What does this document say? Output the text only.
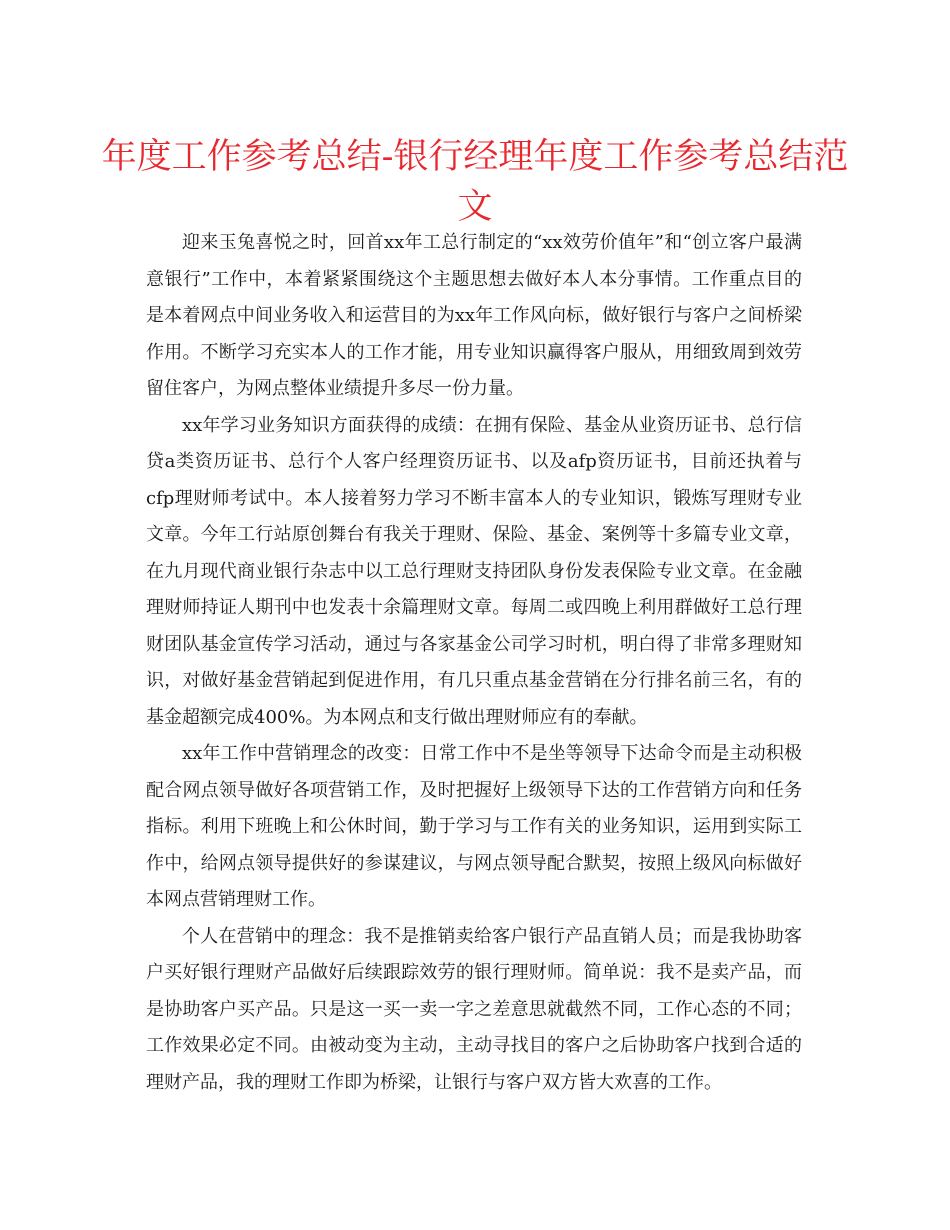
年度工作参考总结-银行经理年度工作参考总结范文

迎来玉兔喜悦之时，回首xx年工总行制定的“xx效劳价值年”和“创立客户最满意银行”工作中，本着紧紧围绕这个主题思想去做好本人本分事情。工作重点目的是本着网点中间业务收入和运营目的为xx年工作风向标，做好银行与客户之间桥梁作用。不断学习充实本人的工作才能，用专业知识赢得客户服从，用细致周到效劳留住客户，为网点整体业绩提升多尽一份力量。

xx年学习业务知识方面获得的成绩：在拥有保险、基金从业资历证书、总行信贷a类资历证书、总行个人客户经理资历证书、以及afp资历证书，目前还执着与cfp理财师考试中。本人接着努力学习不断丰富本人的专业知识，锻炼写理财专业文章。今年工行站原创舞台有我关于理财、保险、基金、案例等十多篇专业文章，在九月现代商业银行杂志中以工总行理财支持团队身份发表保险专业文章。在金融理财师持证人期刊中也发表十余篇理财文章。每周二或四晚上利用群做好工总行理财团队基金宣传学习活动，通过与各家基金公司学习时机，明白得了非常多理财知识，对做好基金营销起到促进作用，有几只重点基金营销在分行排名前三名，有的基金超额完成400%。为本网点和支行做出理财师应有的奉献。

xx年工作中营销理念的改变：日常工作中不是坐等领导下达命令而是主动积极配合网点领导做好各项营销工作，及时把握好上级领导下达的工作营销方向和任务指标。利用下班晚上和公休时间，勤于学习与工作有关的业务知识，运用到实际工作中，给网点领导提供好的参谋建议，与网点领导配合默契，按照上级风向标做好本网点营销理财工作。

个人在营销中的理念：我不是推销卖给客户银行产品直销人员；而是我协助客户买好银行理财产品做好后续跟踪效劳的银行理财师。简单说：我不是卖产品，而是协助客户买产品。只是这一买一卖一字之差意思就截然不同，工作心态的不同；工作效果必定不同。由被动变为主动，主动寻找目的客户之后协助客户找到合适的理财产品，我的理财工作即为桥梁，让银行与客户双方皆大欢喜的工作。
